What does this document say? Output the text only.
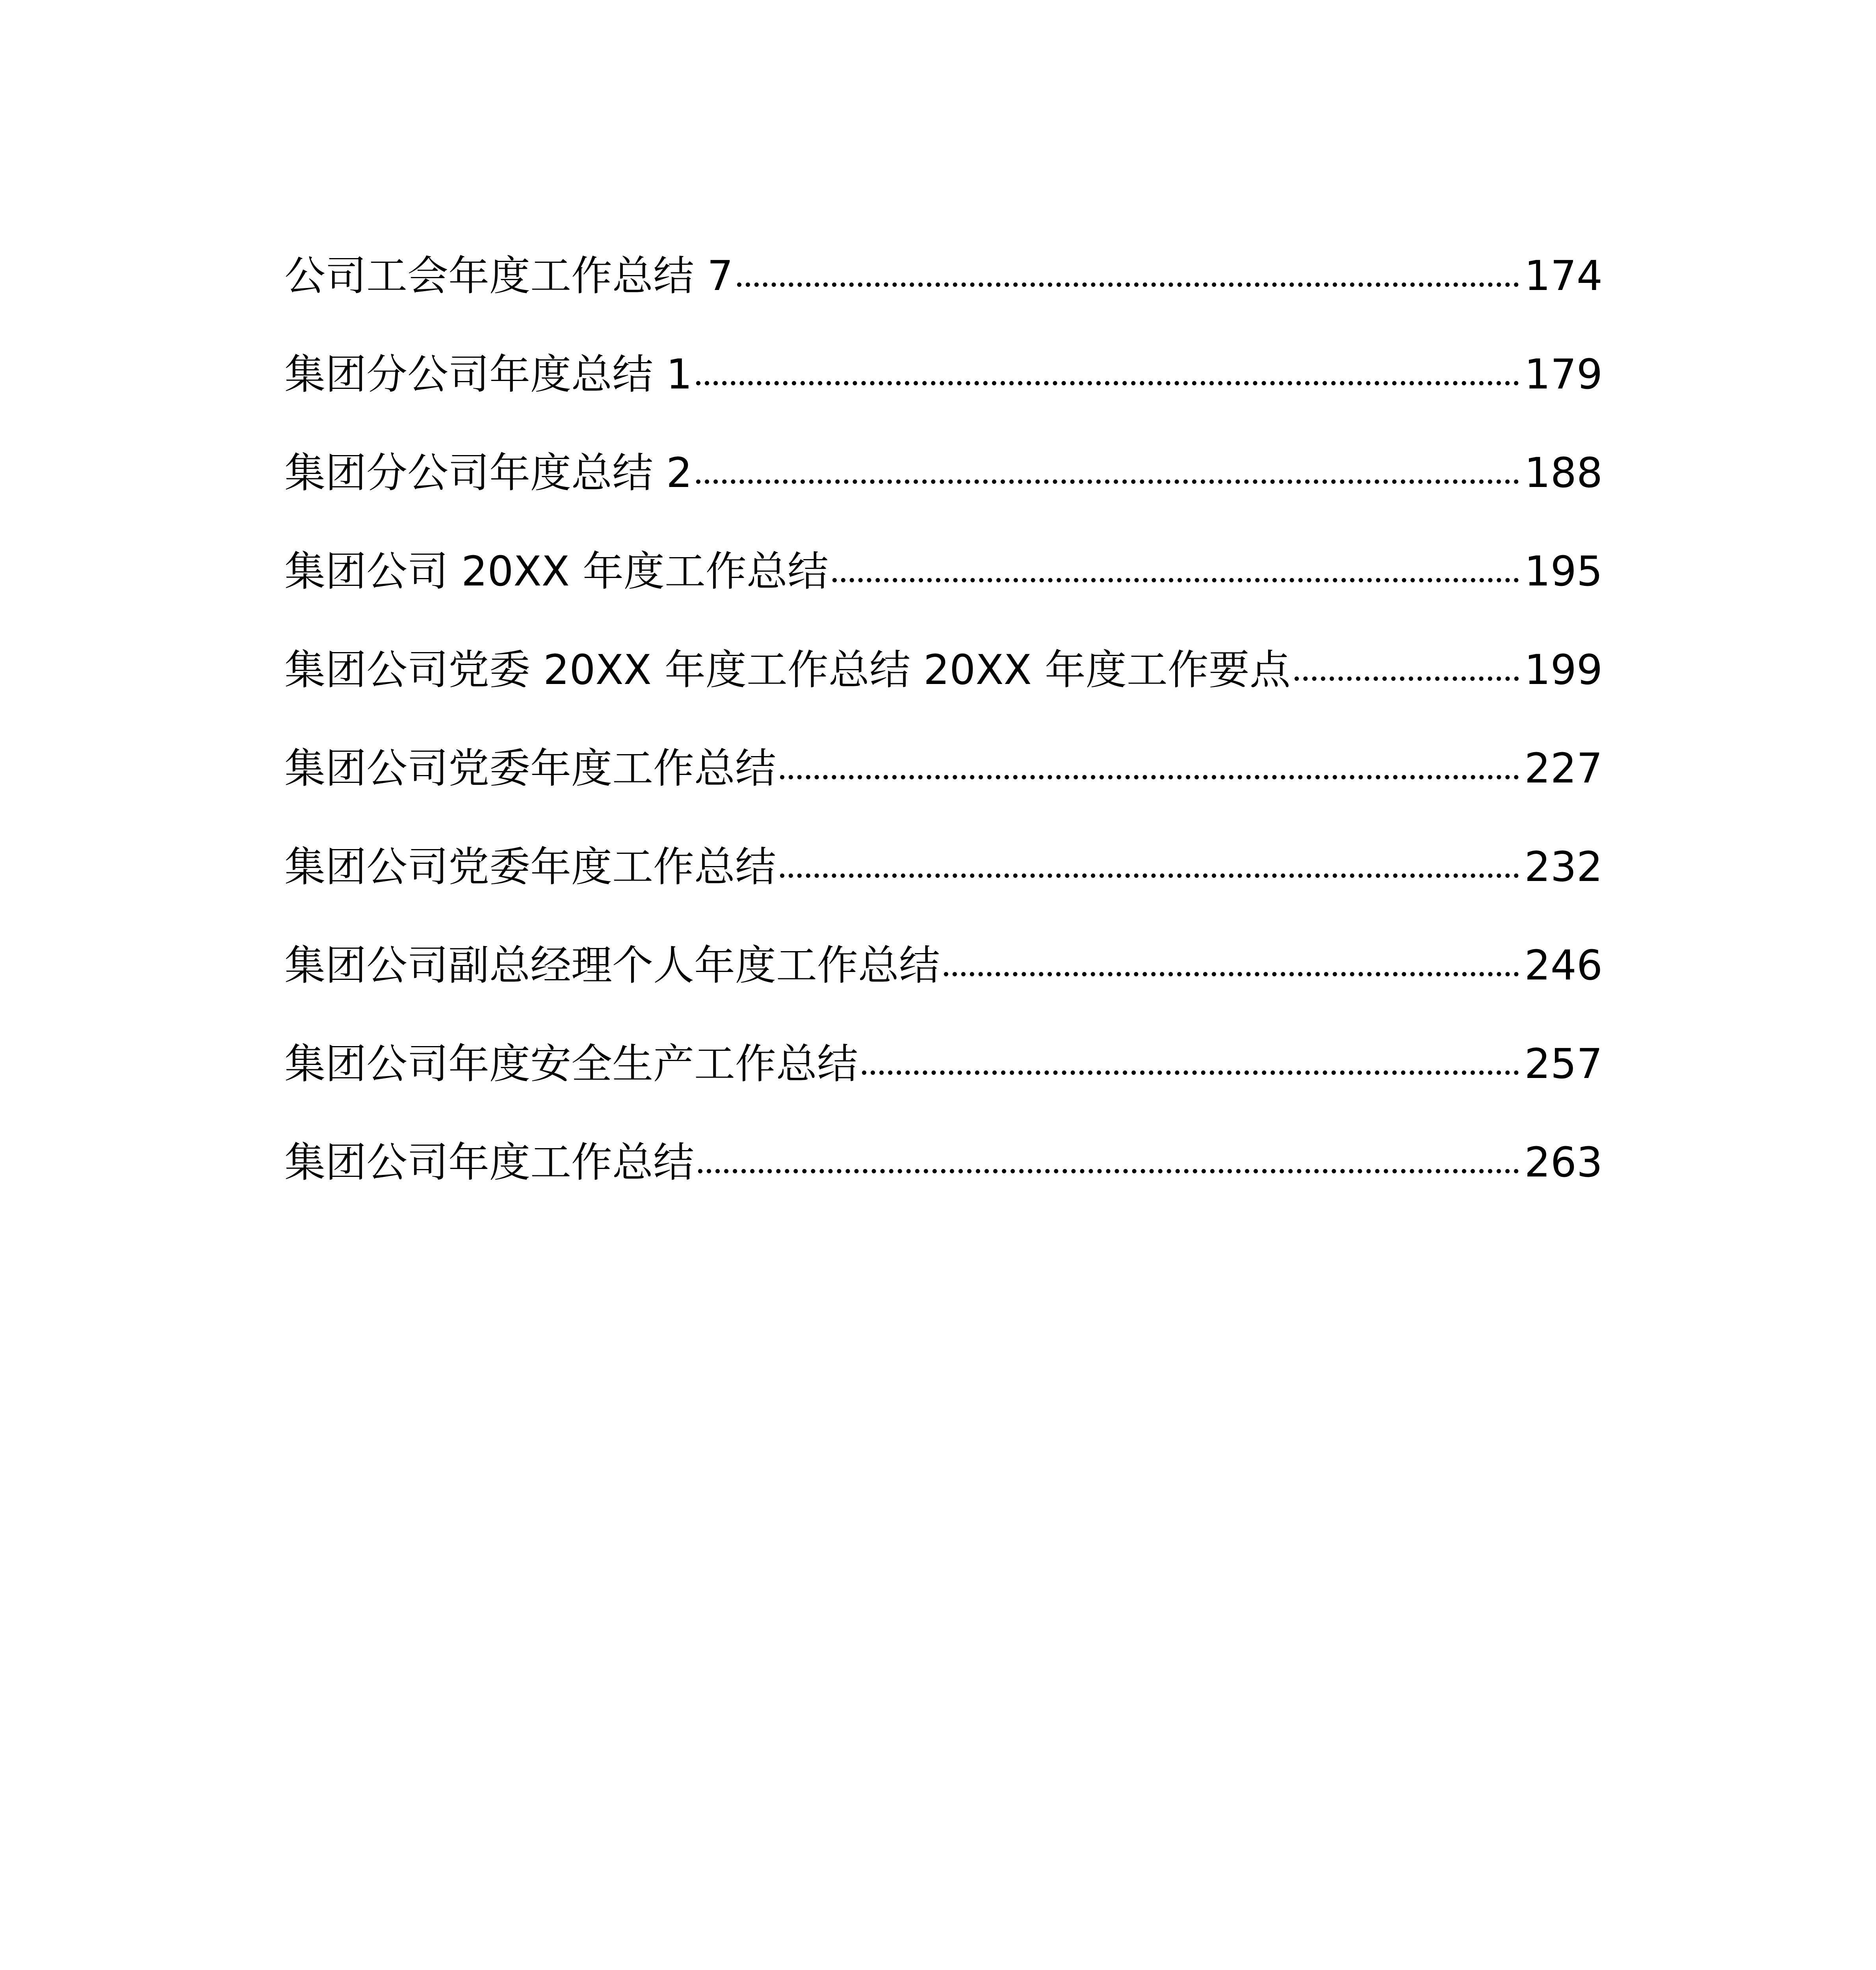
公司工会年度工作总结 7	174
集团分公司年度总结 1	179
集团分公司年度总结 2	188
集团公司 20XX 年度工作总结	195
集团公司党委 20XX 年度工作总结 20XX 年度工作要点	199
集团公司党委年度工作总结	227
集团公司党委年度工作总结	232
集团公司副总经理个人年度工作总结	246
集团公司年度安全生产工作总结	257
集团公司年度工作总结	263
